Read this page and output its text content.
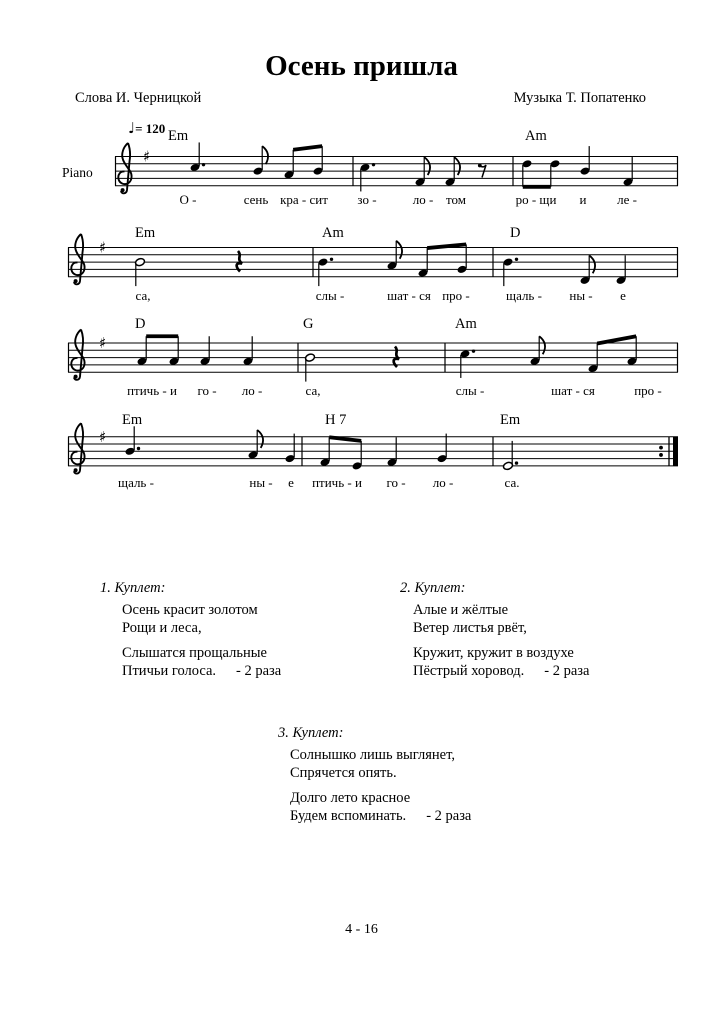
Осень пришла
Слова И. Черницкой	Музыка Т. Попатенко
♯
♯
♯
♯
Piano
♩= 120 Em	Am
О -	сень кра - сит зо -	ло - том	ро - щи и ле -
Em	Am	D
са,	слы -	шат - ся про -	щаль - ны - е
D	G	Am
птичь - и го - ло -	са,	слы -	шат - ся	про -
Em	H 7	Em
щаль -	ны - е птичь - и го - ло -	са.
1. Куплет:
Осень красит золотом
Рощи и леса,
Слышатся прощальные
Птичьи голоса. - 2 раза
2. Куплет:
Алые и жёлтые
Ветер листья рвёт,
Кружит, кружит в воздухе
Пёстрый хоровод. - 2 раза
3. Куплет:
Солнышко лишь выглянет,
Спрячется опять.
Долго лето красное
Будем вспоминать. - 2 раза
4 - 16
